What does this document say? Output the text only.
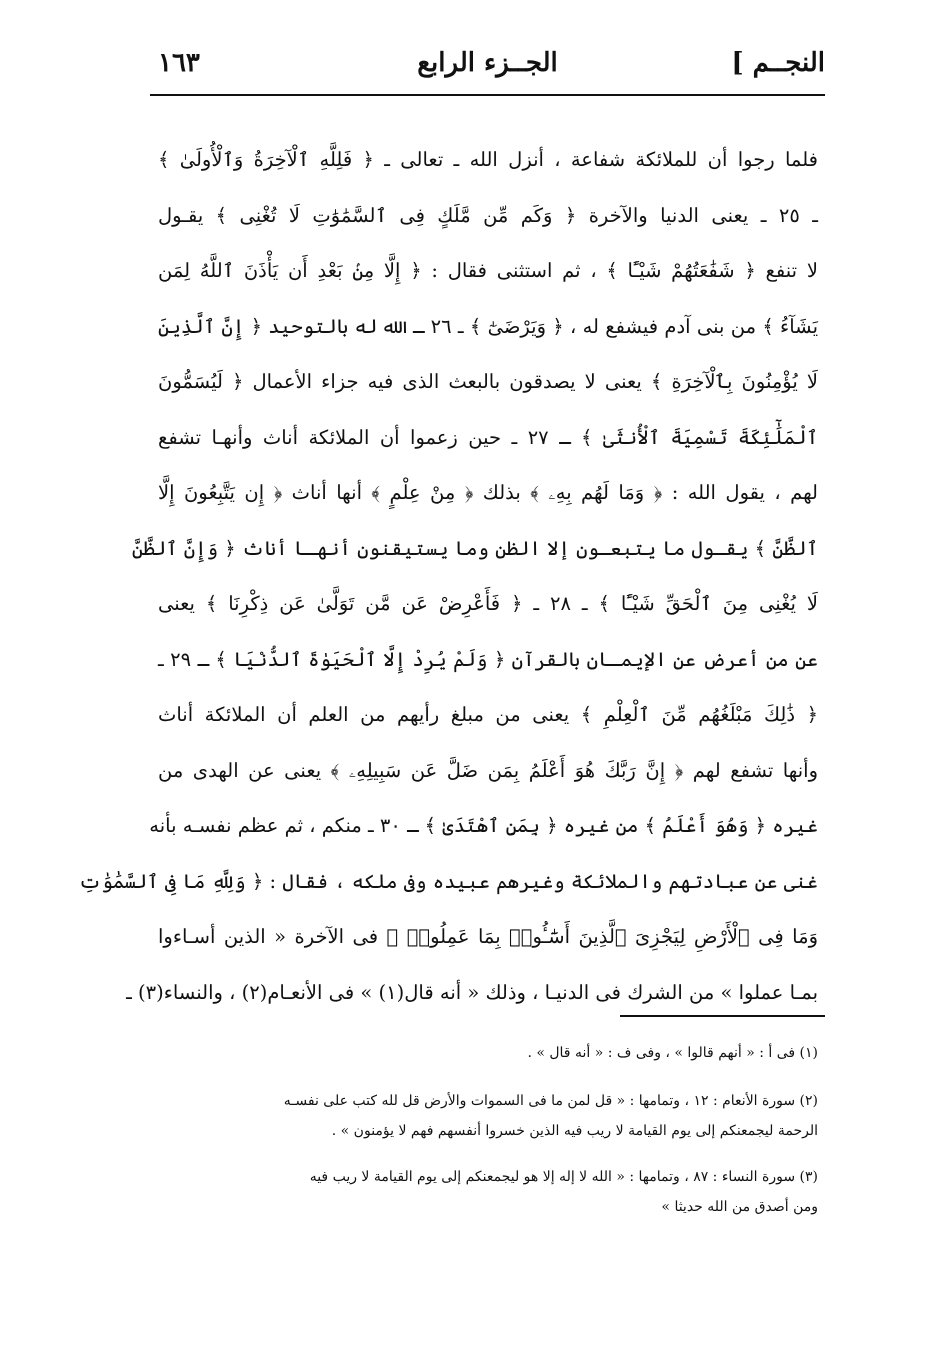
النجــم ]
الجــزء الرابع
١٦٣
فلما رجوا أن للملائكة شفاعة ، أنزل الله ـ تعالى ـ ﴿ فَلِلَّهِ ٱلْآخِرَةُ وَٱلْأُولَىٰ ﴾
ـ ٢٥ ـ يعنى الدنيا والآخرة ﴿ وَكَم مِّن مَّلَكٍ فِى ٱلسَّمَٰوَٰتِ لَا تُغْنِى ﴾ يقـول
لا تنفع ﴿ شَفَٰعَتُهُمْ شَيْـًٔا ﴾ ، ثم استثنى فقال : ﴿ إِلَّا مِنۢ بَعْدِ أَن يَأْذَنَ ٱللَّهُ لِمَن
يَشَآءُ ﴾ من بنى آدم فيشفع له ، ﴿ وَيَرْضَىٰٓ ﴾ ـ ٢٦ ـ الله له بالتوحيد ﴿ إِنَّ ٱلَّذِينَ
لَا يُؤْمِنُونَ بِٱلْآخِرَةِ ﴾ يعنى لا يصدقون بالبعث الذى فيه جزاء الأعمال ﴿ لَيُسَمُّونَ
ٱلْمَلَٰٓئِكَةَ تَسْمِيَةَ ٱلْأُنثَىٰ ﴾ ـ ٢٧ ـ حين زعموا أن الملائكة أناث وأنهـا تشفع
لهم ، يقول الله : ﴿ وَمَا لَهُم بِهِۦ ﴾ بذلك ﴿ مِنْ عِلْمٍ ﴾ أنها أناث ﴿ إِن يَتَّبِعُونَ إِلَّا
ٱلظَّنَّ ﴾ يقـول ما يتبعـون إلا الظن وما يستيقنون أنهـا أناث ﴿ وَإِنَّ ٱلظَّنَّ
لَا يُغْنِى مِنَ ٱلْحَقِّ شَيْـًٔا ﴾ ـ ٢٨ ـ ﴿ فَأَعْرِضْ عَن مَّن تَوَلَّىٰ عَن ذِكْرِنَا ﴾ يعنى
عن من أعرض عن الإيمـان بالقرآن ﴿ وَلَمْ يُرِدْ إِلَّا ٱلْحَيَوٰةَ ٱلدُّنْيَا ﴾ ـ ٢٩ ـ
﴿ ذَٰلِكَ مَبْلَغُهُم مِّنَ ٱلْعِلْمِ ﴾ يعنى من مبلغ رأيهم من العلم أن الملائكة أناث
وأنها تشفع لهم ﴿ إِنَّ رَبَّكَ هُوَ أَعْلَمُ بِمَن ضَلَّ عَن سَبِيلِهِۦ ﴾ يعنى عن الهدى من
غيره ﴿ وَهُوَ أَعْلَمُ ﴾ من غيره ﴿ بِمَنِ ٱهْتَدَىٰ ﴾ ـ ٣٠ ـ منكم ، ثم عظم نفسـه بأنه
غنى عن عبادتهم والملائكة وغيرهم عبيده وفى ملكه ، فقال : ﴿ وَلِلَّهِ مَا فِى ٱلسَّمَٰوَٰتِ
وَمَا فِى ٱلْأَرْضِ لِيَجْزِىَ ٱلَّذِينَ أَسَٰٓـُٔوا۟ بِمَا عَمِلُوا۟ ﴾ فى الآخرة « الذين أسـاءوا
بمـا عملوا » من الشرك فى الدنيـا ، وذلك « أنه قال(١) » فى الأنعـام(٢) ، والنساء(٣) ـ
(١) فى أ : « أنهم قالوا » ، وفى ف : « أنه قال » .
(٢) سورة الأنعام : ١٢ ، وتمامها : « قل لمن ما فى السموات والأرض قل لله كتب على نفسـه
الرحمة ليجمعنكم إلى يوم القيامة لا ريب فيه الذين خسروا أنفسهم فهم لا يؤمنون » .
(٣) سورة النساء : ٨٧ ، وتمامها : « الله لا إله إلا هو ليجمعنكم إلى يوم القيامة لا ريب فيه
ومن أصدق من الله حديثا »
